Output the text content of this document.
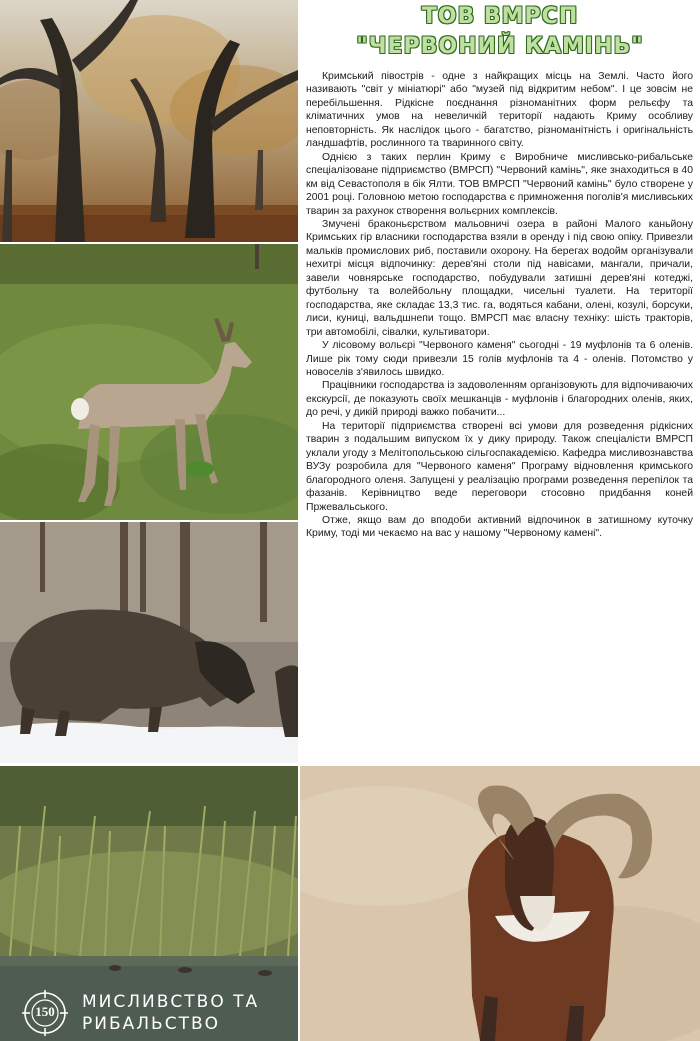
ТОВ ВМРСП
"ЧЕРВОНИЙ КАМІНЬ"

Кримський півострів - одне з найкращих місць на Землі. Часто його називають "світ у мініатюрі" або "музей під відкритим небом". І це зовсім не перебільшення. Рідкісне поєднання різноманітних форм рельєфу та кліматичних умов на невеличкій території надають Криму особливу неповторність. Як наслідок цього - багатство, різноманітність і оригінальність ландшафтів, рослинного та тваринного світу.

Однією з таких перлин Криму є Виробниче мисливсько-рибальське спеціалізоване підприємство (ВМРСП) "Червоний камінь", яке знаходиться в 40 км від Севастополя в бік Ялти. ТОВ ВМРСП "Червоний камінь" було створене у 2001 році. Головною метою господарства є примноження поголів'я мисливських тварин за рахунок створення вольєрних комплексів.

Змучені браконьєрством мальовничі озера в районі Малого каньйону Кримських гір власники господарства взяли в оренду і під свою опіку. Привезли мальків промислових риб, поставили охорону. На берегах водойм організували нехитрі місця відпочинку: дерев'яні столи під навісами, мангали, причали, завели човнярське господарство, побудували затишні дерев'яні котеджі, футбольну та волейбольну площадки, чисельні туалети. На території господарства, яке складає 13,3 тис. га, водяться кабани, олені, козулі, борсуки, лиси, куниці, вальдшнепи тощо. ВМРСП має власну техніку: шість тракторів, три автомобілі, сівалки, культиватори.

У лісовому вольєрі "Червоного каменя" сьогодні - 19 муфлонів та 6 оленів. Лише рік тому сюди привезли 15 голів муфлонів та 4 - оленів. Потомство у новоселів з'явилось швидко.

Працівники господарства із задоволенням організовують для відпочиваючих екскурсії, де показують своїх мешканців - муфлонів і благородних оленів, яких, до речі, у дикій природі важко побачити...

На території підприємства створені всі умови для розведення рідкісних тварин з подальшим випуском їх у дику природу. Також спеціалісти ВМРСП уклали угоду з Мелітопольською сільгоспакадемією. Кафедра мисливознавства ВУЗу розробила для "Червоного каменя" Програму відновлення кримського благородного оленя. Запущені у реалізацію програми розведення перепілок та фазанів. Керівництво веде переговори стосовно придбання коней Пржевальського.

Отже, якщо вам до вподоби активний відпочинок в затишному куточку Криму, тоді ми чекаємо на вас у нашому "Червоному камені".

150	МИСЛИВСТВО ТА
РИБАЛЬСТВО
